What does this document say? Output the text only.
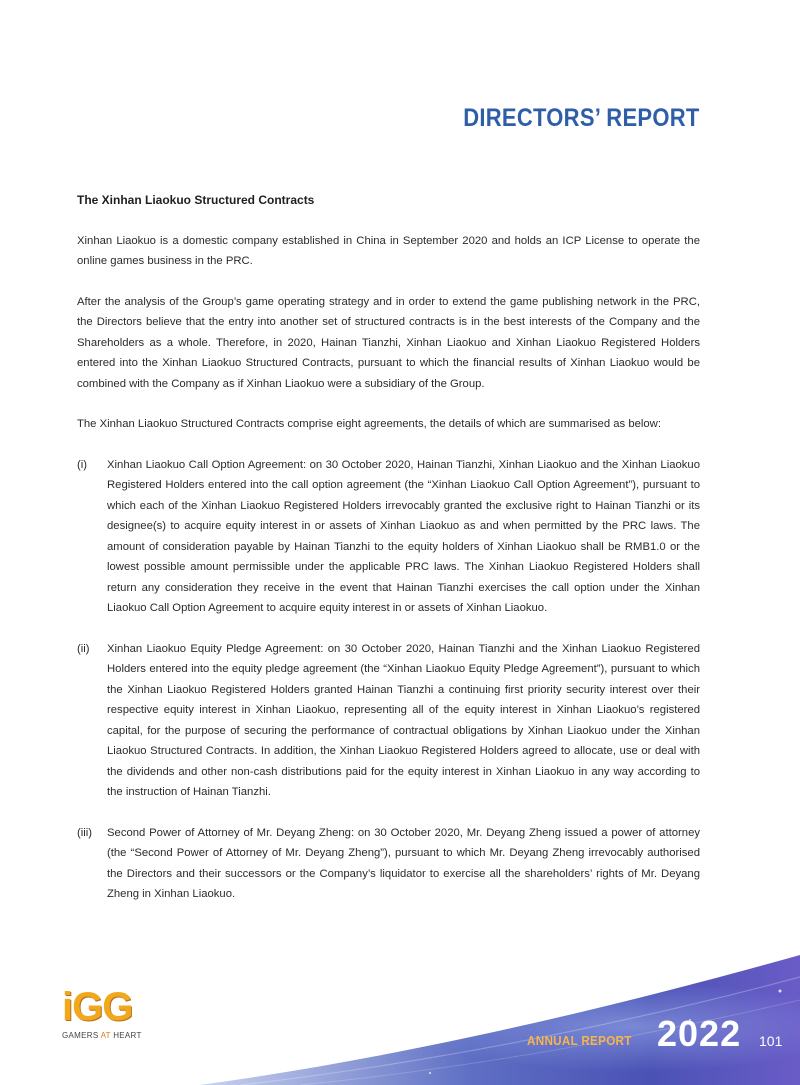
DIRECTORS’ REPORT

The Xinhan Liaokuo Structured Contracts

Xinhan Liaokuo is a domestic company established in China in September 2020 and holds an ICP License to operate the online games business in the PRC.

After the analysis of the Group’s game operating strategy and in order to extend the game publishing network in the PRC, the Directors believe that the entry into another set of structured contracts is in the best interests of the Company and the Shareholders as a whole. Therefore, in 2020, Hainan Tianzhi, Xinhan Liaokuo and Xinhan Liaokuo Registered Holders entered into the Xinhan Liaokuo Structured Contracts, pursuant to which the financial results of Xinhan Liaokuo would be combined with the Company as if Xinhan Liaokuo were a subsidiary of the Group.

The Xinhan Liaokuo Structured Contracts comprise eight agreements, the details of which are summarised as below:

(i)	Xinhan Liaokuo Call Option Agreement: on 30 October 2020, Hainan Tianzhi, Xinhan Liaokuo and the Xinhan Liaokuo Registered Holders entered into the call option agreement (the “Xinhan Liaokuo Call Option Agreement”), pursuant to which each of the Xinhan Liaokuo Registered Holders irrevocably granted the exclusive right to Hainan Tianzhi or its designee(s) to acquire equity interest in or assets of Xinhan Liaokuo as and when permitted by the PRC laws. The amount of consideration payable by Hainan Tianzhi to the equity holders of Xinhan Liaokuo shall be RMB1.0 or the lowest possible amount permissible under the applicable PRC laws. The Xinhan Liaokuo Registered Holders shall return any consideration they receive in the event that Hainan Tianzhi exercises the call option under the Xinhan Liaokuo Call Option Agreement to acquire equity interest in or assets of Xinhan Liaokuo.
(ii)	Xinhan Liaokuo Equity Pledge Agreement: on 30 October 2020, Hainan Tianzhi and the Xinhan Liaokuo Registered Holders entered into the equity pledge agreement (the “Xinhan Liaokuo Equity Pledge Agreement”), pursuant to which the Xinhan Liaokuo Registered Holders granted Hainan Tianzhi a continuing first priority security interest over their respective equity interest in Xinhan Liaokuo, representing all of the equity interest in Xinhan Liaokuo’s registered capital, for the purpose of securing the performance of contractual obligations by Xinhan Liaokuo under the Xinhan Liaokuo Structured Contracts. In addition, the Xinhan Liaokuo Registered Holders agreed to allocate, use or deal with the dividends and other non-cash distributions paid for the equity interest in Xinhan Liaokuo in any way according to the instruction of Hainan Tianzhi.
(iii)	Second Power of Attorney of Mr. Deyang Zheng: on 30 October 2020, Mr. Deyang Zheng issued a power of attorney (the “Second Power of Attorney of Mr. Deyang Zheng”), pursuant to which Mr. Deyang Zheng irrevocably authorised the Directors and their successors or the Company’s liquidator to exercise all the shareholders’ rights of Mr. Deyang Zheng in Xinhan Liaokuo.
iGG
GAMERS AT HEART	ANNUAL REPORT 2022 101
